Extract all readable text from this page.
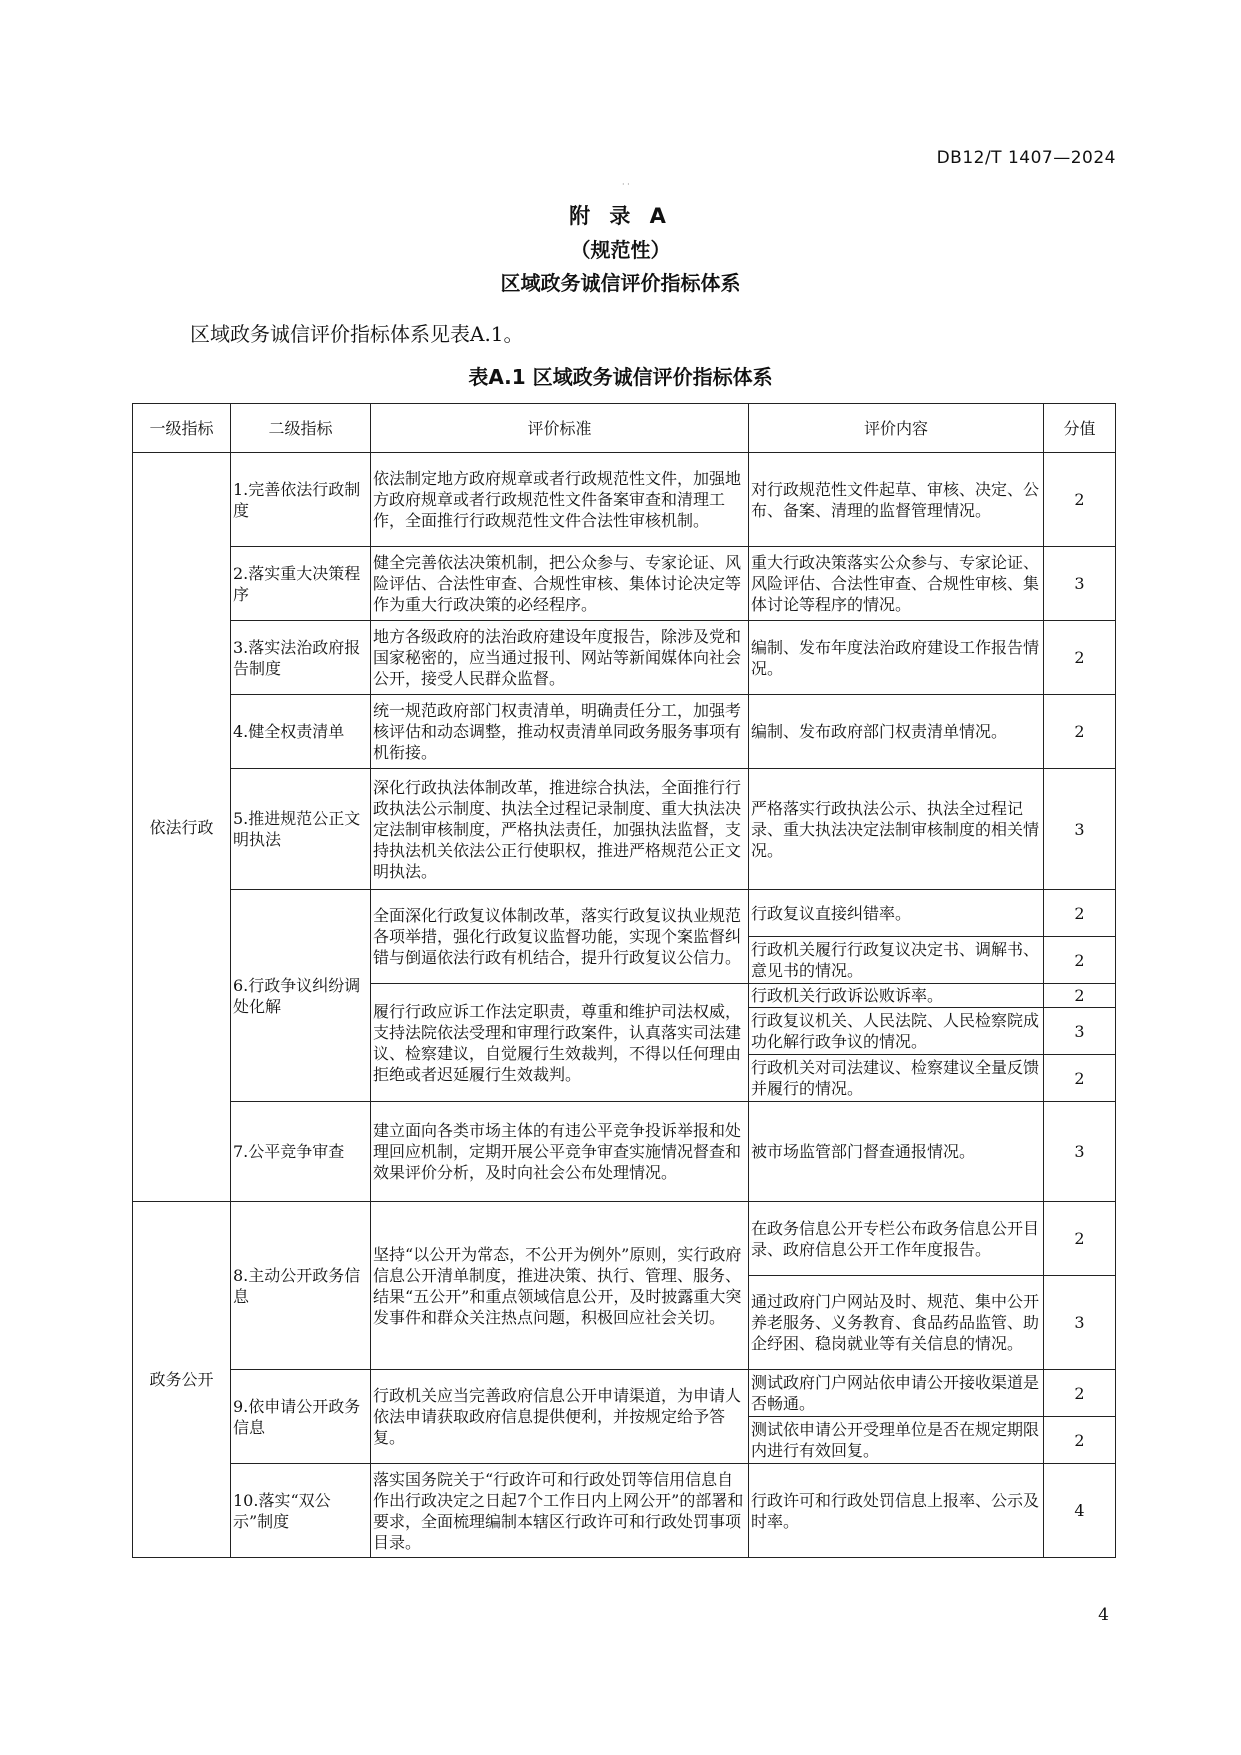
DB12/T 1407—2024
· ·
附 录 A
（规范性）
区域政务诚信评价指标体系
区域政务诚信评价指标体系见表A.1。
表A.1 区域政务诚信评价指标体系
一级指标	二级指标	评价标准	评价内容	分值
依法行政	1.完善依法行政制度	依法制定地方政府规章或者行政规范性文件，加强地方政府规章或者行政规范性文件备案审查和清理工作，全面推行行政规范性文件合法性审核机制。	对行政规范性文件起草、审核、决定、公布、备案、清理的监督管理情况。	2
	2.落实重大决策程序	健全完善依法决策机制，把公众参与、专家论证、风险评估、合法性审查、合规性审核、集体讨论决定等作为重大行政决策的必经程序。	重大行政决策落实公众参与、专家论证、风险评估、合法性审查、合规性审核、集体讨论等程序的情况。	3
	3.落实法治政府报告制度	地方各级政府的法治政府建设年度报告，除涉及党和国家秘密的，应当通过报刊、网站等新闻媒体向社会公开，接受人民群众监督。	编制、发布年度法治政府建设工作报告情况。	2
	4.健全权责清单	统一规范政府部门权责清单，明确责任分工，加强考核评估和动态调整，推动权责清单同政务服务事项有机衔接。	编制、发布政府部门权责清单情况。	2
	5.推进规范公正文明执法	深化行政执法体制改革，推进综合执法，全面推行行政执法公示制度、执法全过程记录制度、重大执法决定法制审核制度，严格执法责任，加强执法监督，支持执法机关依法公正行使职权，推进严格规范公正文明执法。	严格落实行政执法公示、执法全过程记录、重大执法决定法制审核制度的相关情况。	3
	6.行政争议纠纷调处化解	全面深化行政复议体制改革，落实行政复议执业规范各项举措，强化行政复议监督功能，实现个案监督纠错与倒逼依法行政有机结合，提升行政复议公信力。	行政复议直接纠错率。	2
			行政机关履行行政复议决定书、调解书、意见书的情况。	2
		履行行政应诉工作法定职责，尊重和维护司法权威，支持法院依法受理和审理行政案件，认真落实司法建议、检察建议，自觉履行生效裁判，不得以任何理由拒绝或者迟延履行生效裁判。	行政机关行政诉讼败诉率。	2
			行政复议机关、人民法院、人民检察院成功化解行政争议的情况。	3
			行政机关对司法建议、检察建议全量反馈并履行的情况。	2
	7.公平竞争审查	建立面向各类市场主体的有违公平竞争投诉举报和处理回应机制，定期开展公平竞争审查实施情况督查和效果评价分析，及时向社会公布处理情况。	被市场监管部门督查通报情况。	3
政务公开	8.主动公开政务信息	坚持“以公开为常态，不公开为例外”原则，实行政府信息公开清单制度，推进决策、执行、管理、服务、结果“五公开”和重点领域信息公开，及时披露重大突发事件和群众关注热点问题，积极回应社会关切。	在政务信息公开专栏公布政务信息公开目录、政府信息公开工作年度报告。	2
			通过政府门户网站及时、规范、集中公开养老服务、义务教育、食品药品监管、助企纾困、稳岗就业等有关信息的情况。	3
	9.依申请公开政务信息	行政机关应当完善政府信息公开申请渠道，为申请人依法申请获取政府信息提供便利，并按规定给予答复。	测试政府门户网站依申请公开接收渠道是否畅通。	2
			测试依申请公开受理单位是否在规定期限内进行有效回复。	2
	10.落实“双公示”制度	落实国务院关于“行政许可和行政处罚等信用信息自作出行政决定之日起7个工作日内上网公开”的部署和要求，全面梳理编制本辖区行政许可和行政处罚事项目录。	行政许可和行政处罚信息上报率、公示及时率。	4
4
